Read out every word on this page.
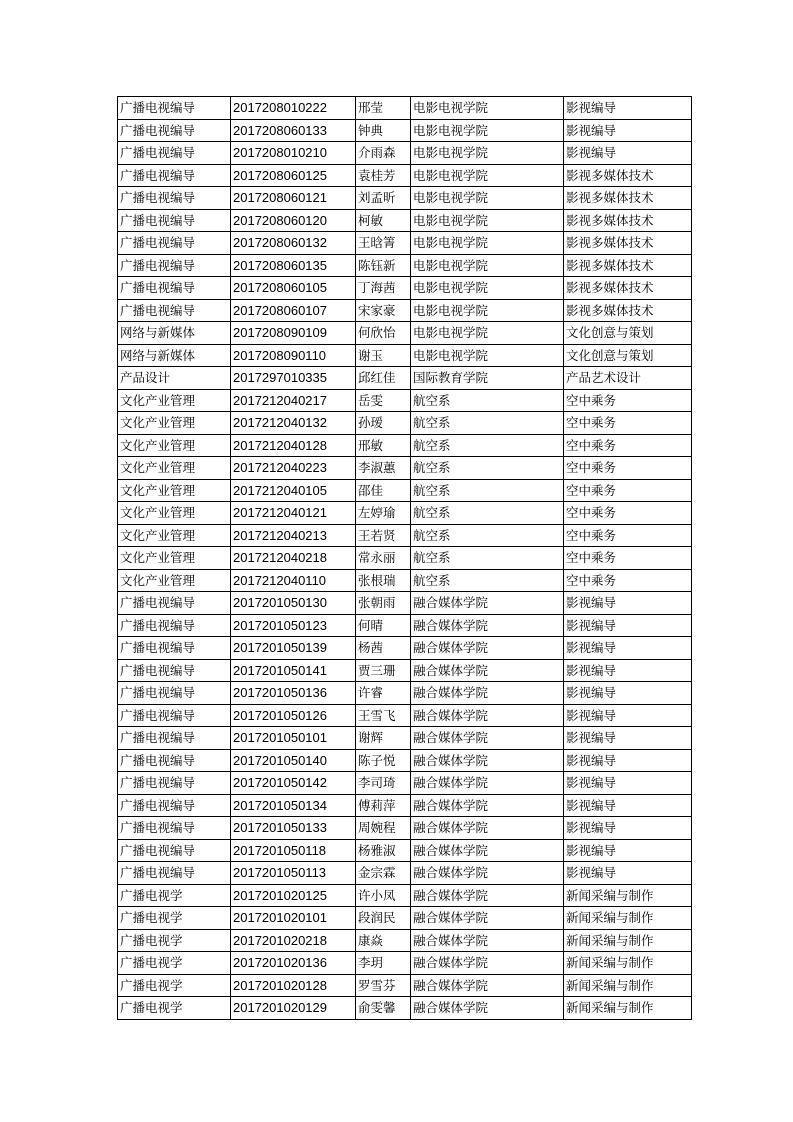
广播电视编导	2017208010222	邢莹	电影电视学院	影视编导
广播电视编导	2017208060133	钟典	电影电视学院	影视编导
广播电视编导	2017208010210	介雨森	电影电视学院	影视编导
广播电视编导	2017208060125	袁桂芳	电影电视学院	影视多媒体技术
广播电视编导	2017208060121	刘孟昕	电影电视学院	影视多媒体技术
广播电视编导	2017208060120	柯敏	电影电视学院	影视多媒体技术
广播电视编导	2017208060132	王晗箐	电影电视学院	影视多媒体技术
广播电视编导	2017208060135	陈钰新	电影电视学院	影视多媒体技术
广播电视编导	2017208060105	丁海茜	电影电视学院	影视多媒体技术
广播电视编导	2017208060107	宋家豪	电影电视学院	影视多媒体技术
网络与新媒体	2017208090109	何欣怡	电影电视学院	文化创意与策划
网络与新媒体	2017208090110	谢玉	电影电视学院	文化创意与策划
产品设计	2017297010335	邱红佳	国际教育学院	产品艺术设计
文化产业管理	2017212040217	岳雯	航空系	空中乘务
文化产业管理	2017212040132	孙瑷	航空系	空中乘务
文化产业管理	2017212040128	邢敏	航空系	空中乘务
文化产业管理	2017212040223	李淑蕙	航空系	空中乘务
文化产业管理	2017212040105	邵佳	航空系	空中乘务
文化产业管理	2017212040121	左婷瑜	航空系	空中乘务
文化产业管理	2017212040213	王若贤	航空系	空中乘务
文化产业管理	2017212040218	常永丽	航空系	空中乘务
文化产业管理	2017212040110	张根瑞	航空系	空中乘务
广播电视编导	2017201050130	张朝雨	融合媒体学院	影视编导
广播电视编导	2017201050123	何晴	融合媒体学院	影视编导
广播电视编导	2017201050139	杨茜	融合媒体学院	影视编导
广播电视编导	2017201050141	贾三珊	融合媒体学院	影视编导
广播电视编导	2017201050136	许睿	融合媒体学院	影视编导
广播电视编导	2017201050126	王雪飞	融合媒体学院	影视编导
广播电视编导	2017201050101	谢辉	融合媒体学院	影视编导
广播电视编导	2017201050140	陈子悦	融合媒体学院	影视编导
广播电视编导	2017201050142	李司琦	融合媒体学院	影视编导
广播电视编导	2017201050134	傅莉萍	融合媒体学院	影视编导
广播电视编导	2017201050133	周婉程	融合媒体学院	影视编导
广播电视编导	2017201050118	杨雅淑	融合媒体学院	影视编导
广播电视编导	2017201050113	金宗霖	融合媒体学院	影视编导
广播电视学	2017201020125	许小凤	融合媒体学院	新闻采编与制作
广播电视学	2017201020101	段润民	融合媒体学院	新闻采编与制作
广播电视学	2017201020218	康焱	融合媒体学院	新闻采编与制作
广播电视学	2017201020136	李玥	融合媒体学院	新闻采编与制作
广播电视学	2017201020128	罗雪芬	融合媒体学院	新闻采编与制作
广播电视学	2017201020129	俞雯馨	融合媒体学院	新闻采编与制作
